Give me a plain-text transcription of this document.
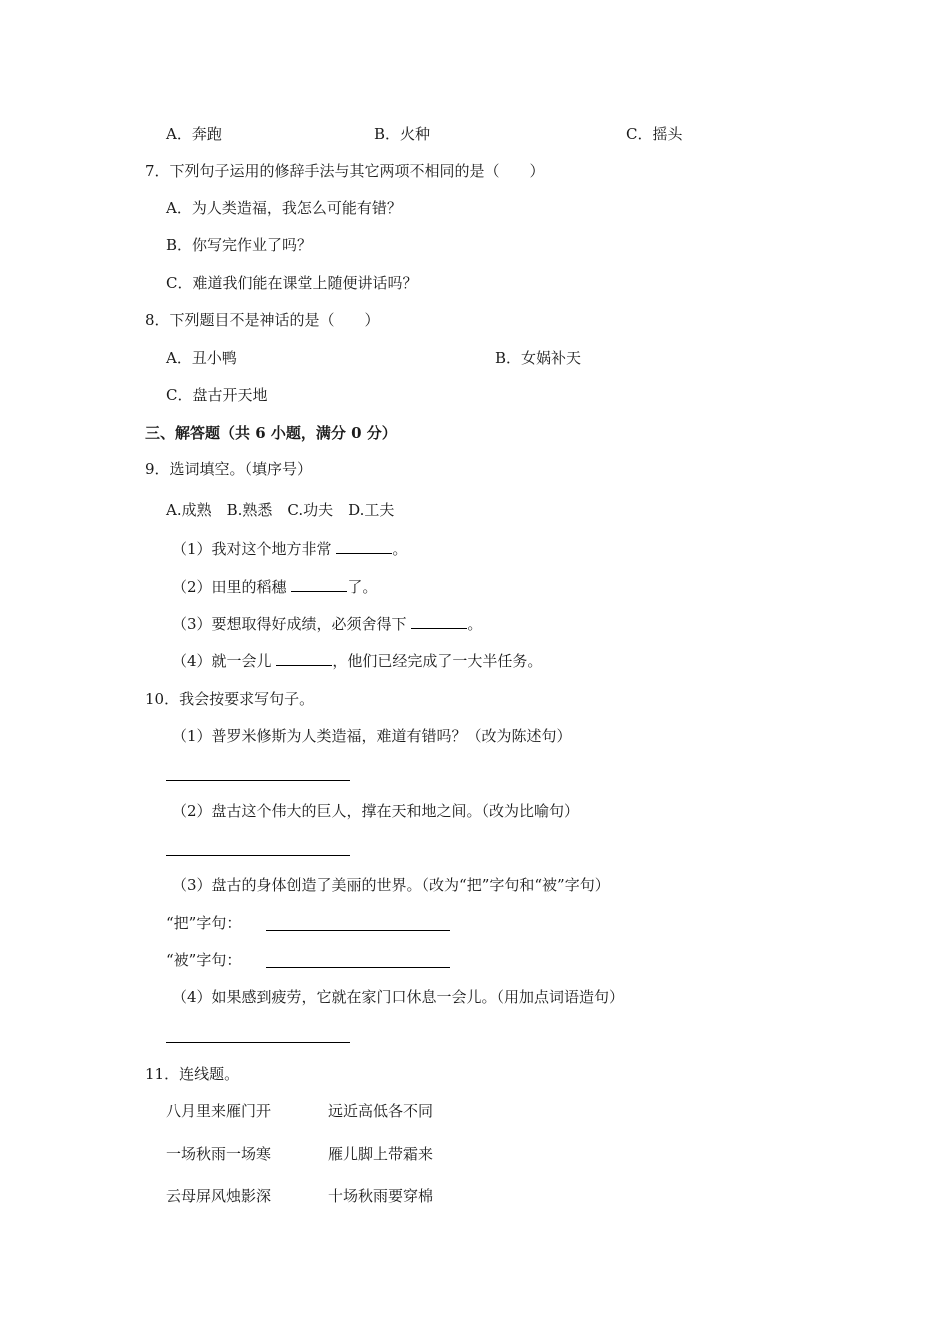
A．奔跑	B．火种	C．摇头
7．下列句子运用的修辞手法与其它两项不相同的是（　　）
A．为人类造福，我怎么可能有错？
B．你写完作业了吗？
C．难道我们能在课堂上随便讲话吗？
8．下列题目不是神话的是（　　）
A．丑小鸭	B．女娲补天
C．盘古开天地
三、解答题（共 6 小题，满分 0 分）
9．选词填空。（填序号）
A.成熟　B.熟悉　C.功夫　D.工夫
（1）我对这个地方非常	。
（2）田里的稻穗	了。
（3）要想取得好成绩，必须舍得下	。
（4）就一会儿	，他们已经完成了一大半任务。
10．我会按要求写句子。
（1）普罗米修斯为人类造福，难道有错吗？（改为陈述句）
（2）盘古这个伟大的巨人，撑在天和地之间。（改为比喻句）
（3）盘古的身体创造了美丽的世界。（改为“把”字句和“被”字句）
“把”字句：
“被”字句：
（4）如果感到疲劳，它就在家门口休息一会儿。（用加点词语造句）
11．连线题。
八月里来雁门开	远近高低各不同
一场秋雨一场寒	雁儿脚上带霜来
云母屏风烛影深	十场秋雨要穿棉
